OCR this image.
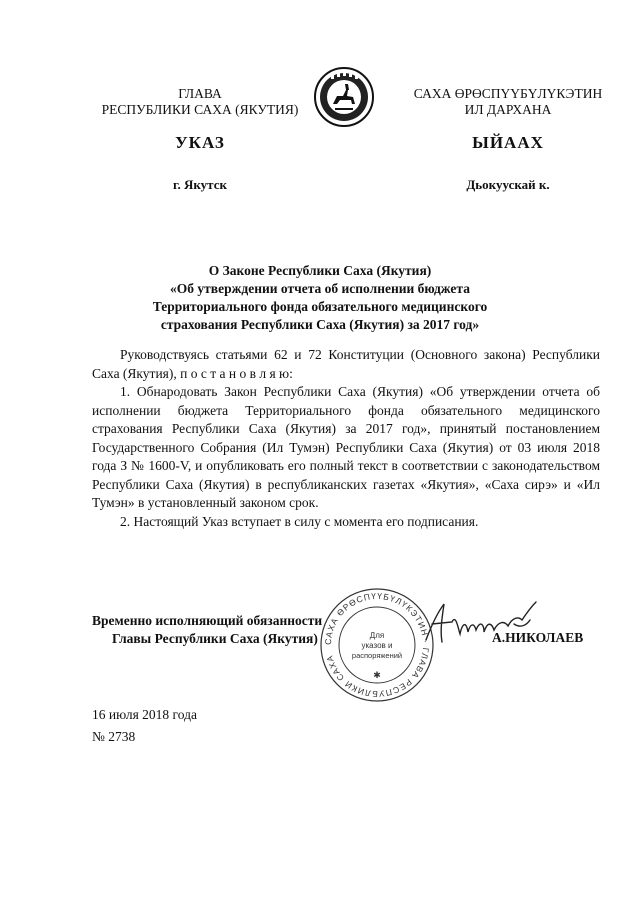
ГЛАВА
РЕСПУБЛИКИ САХА (ЯКУТИЯ)
САХА ӨРӨСПҮҮБҮЛҮКЭТИН
ИЛ ДАРХАНА
УКАЗ	ЫЙААХ
г. Якутск	Дьокуускай к.
О Законе Республики Саха (Якутия)
«Об утверждении отчета об исполнении бюджета
Территориального фонда обязательного медицинского
страхования Республики Саха (Якутия) за 2017 год»

Руководствуясь статьями 62 и 72 Конституции (Основного закона) Республики Саха (Якутия), п о с т а н о в л я ю:

1. Обнародовать Закон Республики Саха (Якутия) «Об утверждении отчета об исполнении бюджета Территориального фонда обязательного медицинского страхования Республики Саха (Якутия) за 2017 год», принятый постановлением Государственного Собрания (Ил Тумэн) Республики Саха (Якутия) от 03 июля 2018 года З № 1600-V, и опубликовать его полный текст в соответствии с законодательством Республики Саха (Якутия) в республиканских газетах «Якутия», «Саха сирэ» и «Ил Тумэн» в установленный законом срок.

2. Настоящий Указ вступает в силу с момента его подписания.

САХА ӨРӨСПҮҮБҮЛҮКЭТИН · ГЛАВА РЕСПУБЛИКИ САХА
Для
указов и
распоряжений
✱
Временно исполняющий обязанности
Главы Республики Саха (Якутия)	А.НИКОЛАЕВ
16 июля 2018 года
№ 2738
